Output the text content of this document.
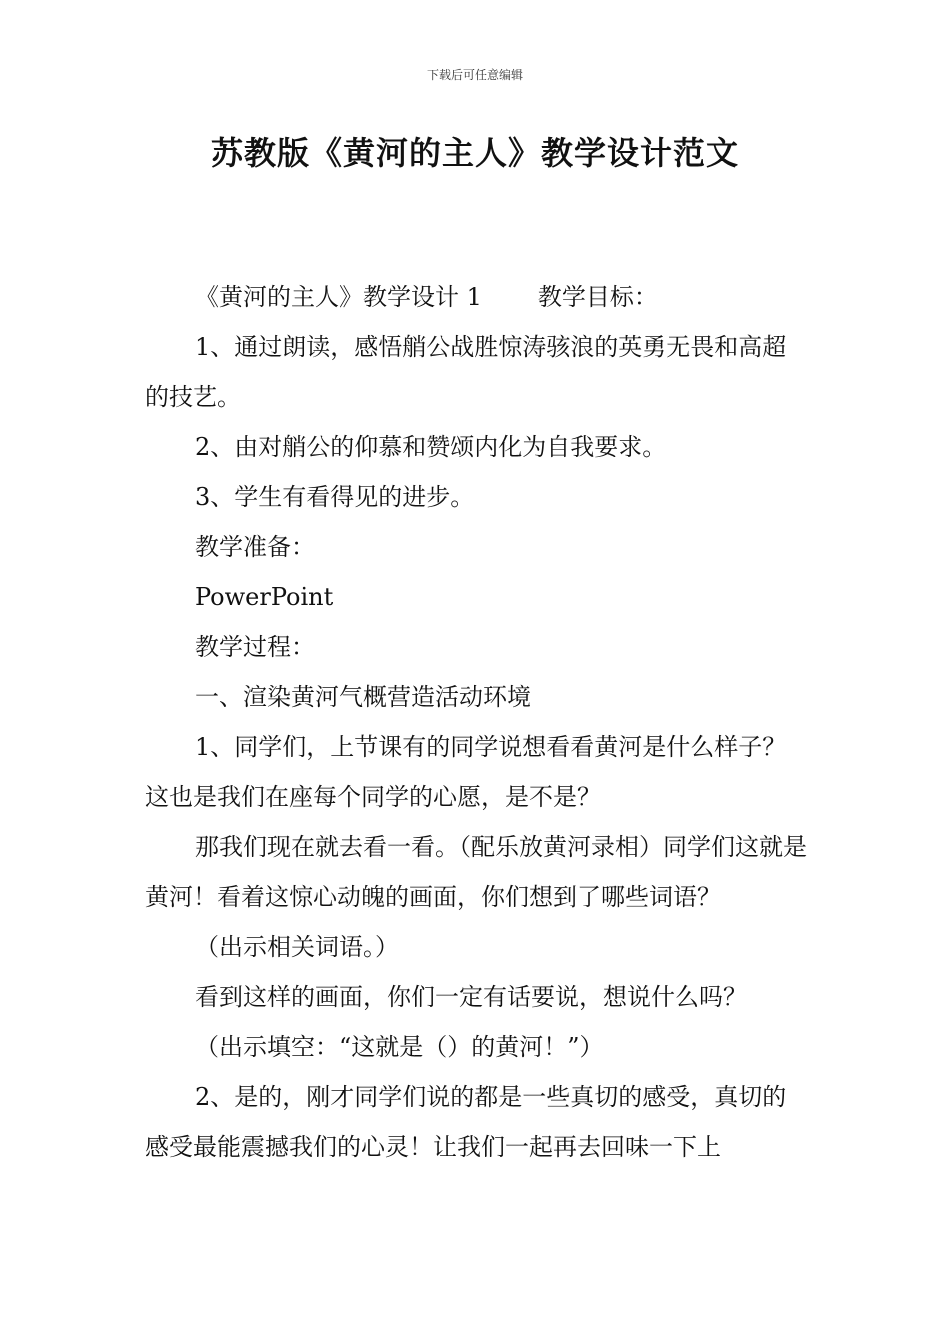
下载后可任意编辑
苏教版《黄河的主人》教学设计范文

《黄河的主人》教学设计 1 教学目标：

1、通过朗读，感悟艄公战胜惊涛骇浪的英勇无畏和高超的技艺。

2、由对艄公的仰慕和赞颂内化为自我要求。

3、学生有看得见的进步。

教学准备：

PowerPoint

教学过程：

一、渲染黄河气概营造活动环境

1、同学们，上节课有的同学说想看看黄河是什么样子？这也是我们在座每个同学的心愿，是不是？

那我们现在就去看一看。（配乐放黄河录相）同学们这就是黄河！看着这惊心动魄的画面，你们想到了哪些词语？

（出示相关词语。）

看到这样的画面，你们一定有话要说，想说什么吗？

（出示填空：“这就是（）的黄河！”）

2、是的，刚才同学们说的都是一些真切的感受，真切的感受最能震撼我们的心灵！让我们一起再去回味一下上
